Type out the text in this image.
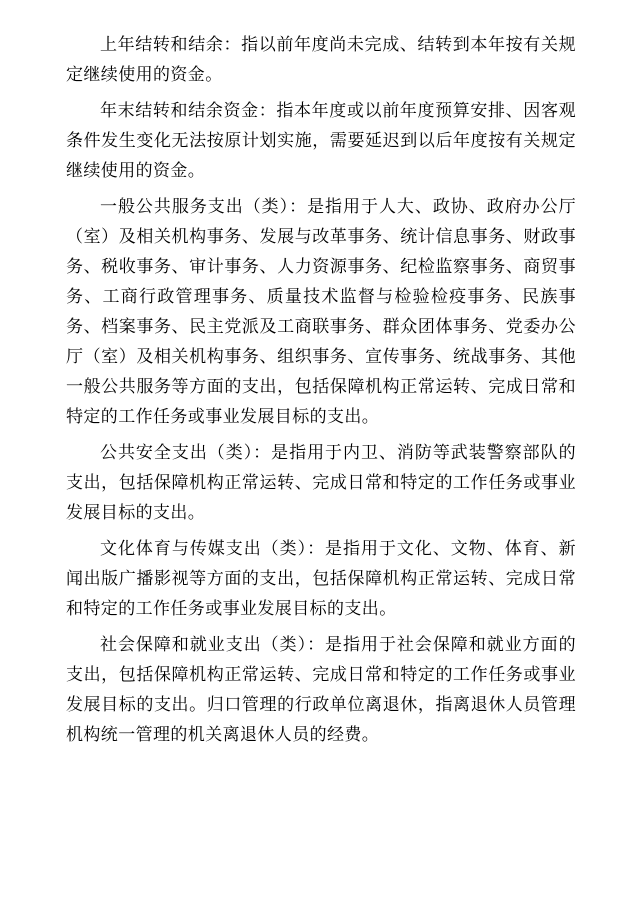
上年结转和结余：指以前年度尚未完成、结转到本年按有关规定继续使用的资金。

年末结转和结余资金：指本年度或以前年度预算安排、因客观条件发生变化无法按原计划实施，需要延迟到以后年度按有关规定继续使用的资金。

一般公共服务支出（类）：是指用于人大、政协、政府办公厅（室）及相关机构事务、发展与改革事务、统计信息事务、财政事务、税收事务、审计事务、人力资源事务、纪检监察事务、商贸事务、工商行政管理事务、质量技术监督与检验检疫事务、民族事务、档案事务、民主党派及工商联事务、群众团体事务、党委办公厅（室）及相关机构事务、组织事务、宣传事务、统战事务、其他一般公共服务等方面的支出，包括保障机构正常运转、完成日常和特定的工作任务或事业发展目标的支出。

公共安全支出（类）：是指用于内卫、消防等武装警察部队的支出，包括保障机构正常运转、完成日常和特定的工作任务或事业发展目标的支出。

文化体育与传媒支出（类）：是指用于文化、文物、体育、新闻出版广播影视等方面的支出，包括保障机构正常运转、完成日常和特定的工作任务或事业发展目标的支出。

社会保障和就业支出（类）：是指用于社会保障和就业方面的支出，包括保障机构正常运转、完成日常和特定的工作任务或事业发展目标的支出。归口管理的行政单位离退休，指离退休人员管理机构统一管理的机关离退休人员的经费。
